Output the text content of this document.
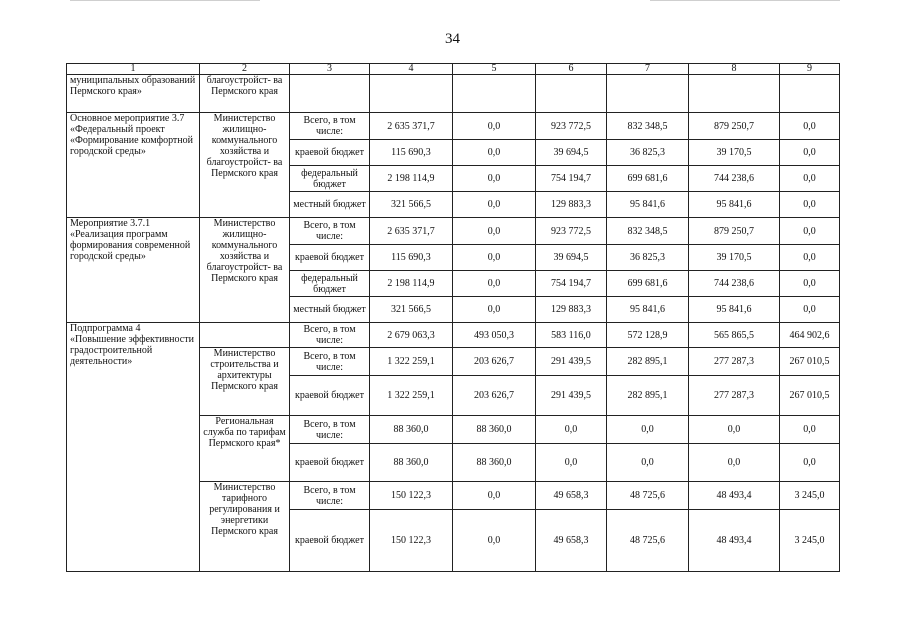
34
1	2	3	4	5	6	7	8	9
муниципальных образований Пермского края»	благоустройст- ва Пермского края							
Основное мероприятие 3.7 «Федеральный проект «Формирование комфортной городской среды»	Министерство жилищно- коммунального хозяйства и благоустройст- ва Пермского края	Всего, в том числе:	2 635 371,7	0,0	923 772,5	832 348,5	879 250,7	0,0
		краевой бюджет	115 690,3	0,0	39 694,5	36 825,3	39 170,5	0,0
		федеральный бюджет	2 198 114,9	0,0	754 194,7	699 681,6	744 238,6	0,0
		местный бюджет	321 566,5	0,0	129 883,3	95 841,6	95 841,6	0,0
Мероприятие 3.7.1 «Реализация программ формирования современной городской среды»	Министерство жилищно- коммунального хозяйства и благоустройст- ва Пермского края	Всего, в том числе:	2 635 371,7	0,0	923 772,5	832 348,5	879 250,7	0,0
		краевой бюджет	115 690,3	0,0	39 694,5	36 825,3	39 170,5	0,0
		федеральный бюджет	2 198 114,9	0,0	754 194,7	699 681,6	744 238,6	0,0
		местный бюджет	321 566,5	0,0	129 883,3	95 841,6	95 841,6	0,0
Подпрограмма 4 «Повышение эффективности градостроительной деятельности»		Всего, в том числе:	2 679 063,3	493 050,3	583 116,0	572 128,9	565 865,5	464 902,6
	Министерство строительства и архитектуры Пермского края	Всего, в том числе:	1 322 259,1	203 626,7	291 439,5	282 895,1	277 287,3	267 010,5
		краевой бюджет	1 322 259,1	203 626,7	291 439,5	282 895,1	277 287,3	267 010,5
	Региональная служба по тарифам Пермского края*	Всего, в том числе:	88 360,0	88 360,0	0,0	0,0	0,0	0,0
		краевой бюджет	88 360,0	88 360,0	0,0	0,0	0,0	0,0
	Министерство тарифного регулирования и энергетики Пермского края	Всего, в том числе:	150 122,3	0,0	49 658,3	48 725,6	48 493,4	3 245,0
		краевой бюджет	150 122,3	0,0	49 658,3	48 725,6	48 493,4	3 245,0
